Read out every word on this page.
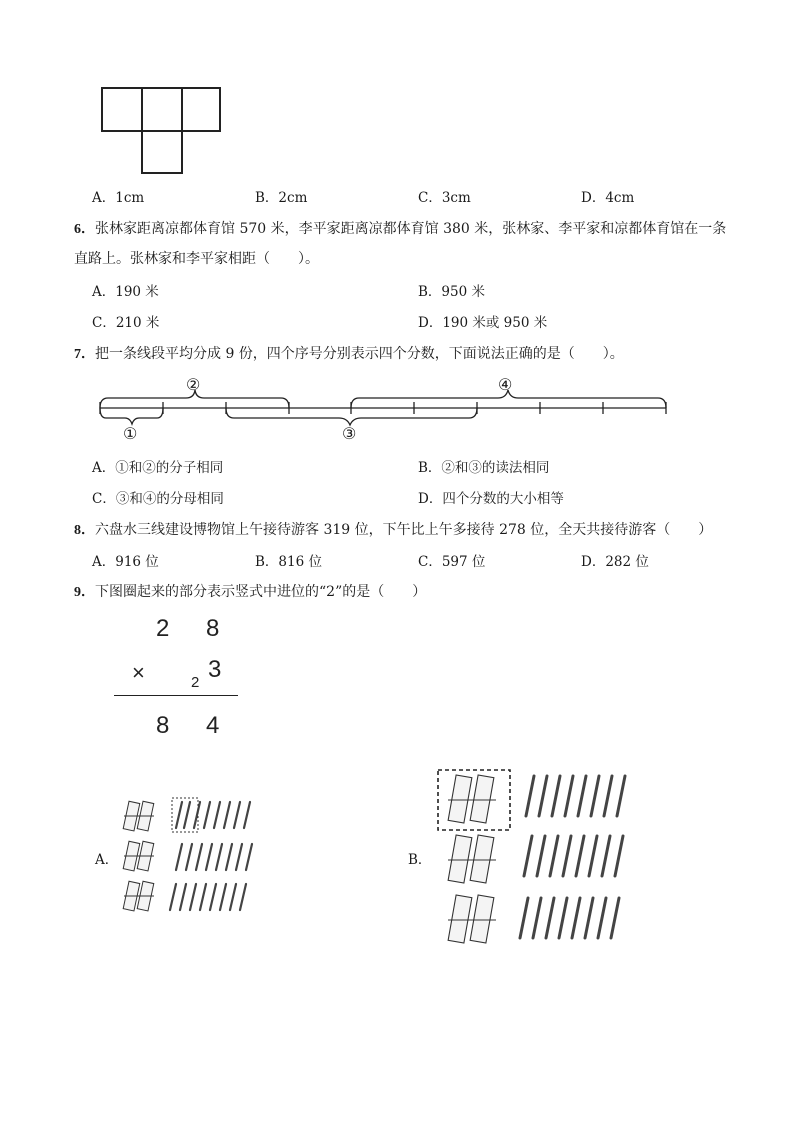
A．1cm	B．2cm	C．3cm	D．4cm
6．张林家距离凉都体育馆 570 米，李平家距离凉都体育馆 380 米，张林家、李平家和凉都体育馆在一条
直路上。张林家和李平家相距（　　）。
A．190 米	B．950 米
C．210 米	D．190 米或 950 米
7．把一条线段平均分成 9 份，四个序号分别表示四个分数，下面说法正确的是（　　）。
②	④
①	③
A．①和②的分子相同	B．②和③的读法相同
C．③和④的分母相同	D．四个分数的大小相等
8．六盘水三线建设博物馆上午接待游客 319 位，下午比上午多接待 278 位，全天共接待游客（　　）
A．916 位	B．816 位	C．597 位	D．282 位
9．下图圈起来的部分表示竖式中进位的“2”的是（　　）
2 8
×	2 3
8 4
A．	B．
